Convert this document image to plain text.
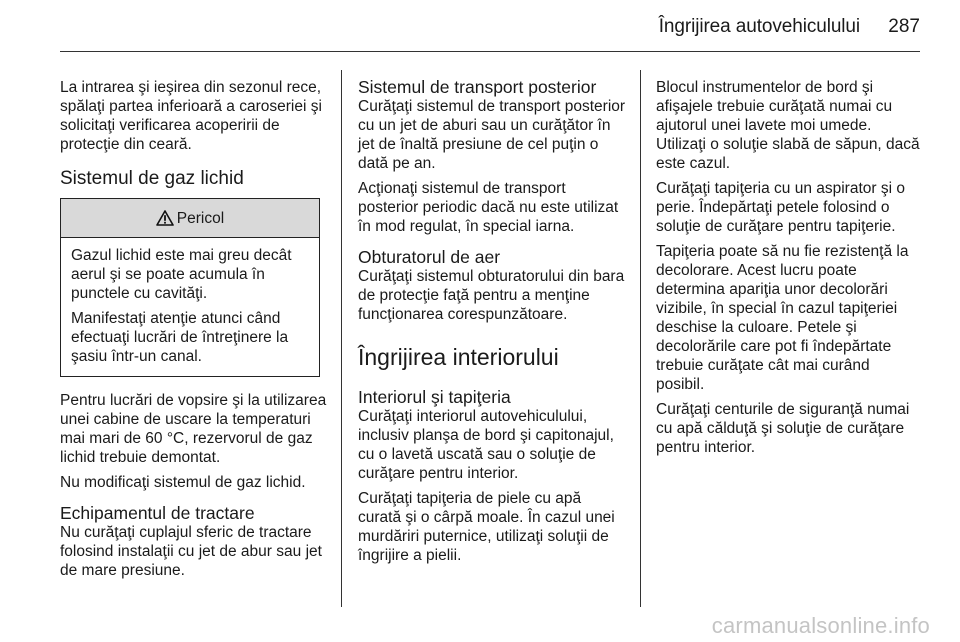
Îngrijirea autovehiculului	287

La intrarea şi ieşirea din sezonul rece, spălaţi partea inferioară a caroseriei şi solicitaţi verificarea acoperirii de protecţie din ceară.

Sistemul de gaz lichid
Pericol

Gazul lichid este mai greu decât aerul şi se poate acumula în punctele cu cavităţi.

Manifestaţi atenţie atunci când efectuaţi lucrări de întreţinere la şasiu într-un canal.

Pentru lucrări de vopsire şi la utilizarea unei cabine de uscare la temperaturi mai mari de 60 °C, rezervorul de gaz lichid trebuie demontat.

Nu modificaţi sistemul de gaz lichid.

Echipamentul de tractare

Nu curăţaţi cuplajul sferic de tractare folosind instalaţii cu jet de abur sau jet de mare presiune.

Sistemul de transport posterior

Curăţaţi sistemul de transport posterior cu un jet de aburi sau un curăţător în jet de înaltă presiune de cel puţin o dată pe an.

Acţionaţi sistemul de transport posterior periodic dacă nu este utilizat în mod regulat, în special iarna.

Obturatorul de aer

Curăţaţi sistemul obturatorului din bara de protecţie faţă pentru a menţine funcţionarea corespunzătoare.

Îngrijirea interiorului
Interiorul şi tapiţeria

Curăţaţi interiorul autovehiculului, inclusiv planşa de bord şi capitonajul, cu o lavetă uscată sau o soluţie de curăţare pentru interior.

Curăţaţi tapiţeria de piele cu apă curată şi o cârpă moale. În cazul unei murdăriri puternice, utilizaţi soluţii de îngrijire a pielii.

Blocul instrumentelor de bord şi afişajele trebuie curăţată numai cu ajutorul unei lavete moi umede. Utilizaţi o soluţie slabă de săpun, dacă este cazul.

Curăţaţi tapiţeria cu un aspirator şi o perie. Îndepărtaţi petele folosind o soluţie de curăţare pentru tapiţerie.

Tapiţeria poate să nu fie rezistenţă la decolorare. Acest lucru poate determina apariţia unor decolorări vizibile, în special în cazul tapiţeriei deschise la culoare. Petele şi decolorările care pot fi îndepărtate trebuie curăţate cât mai curând posibil.

Curăţaţi centurile de siguranţă numai cu apă călduţă şi soluţie de curăţare pentru interior.

carmanualsonline.info
